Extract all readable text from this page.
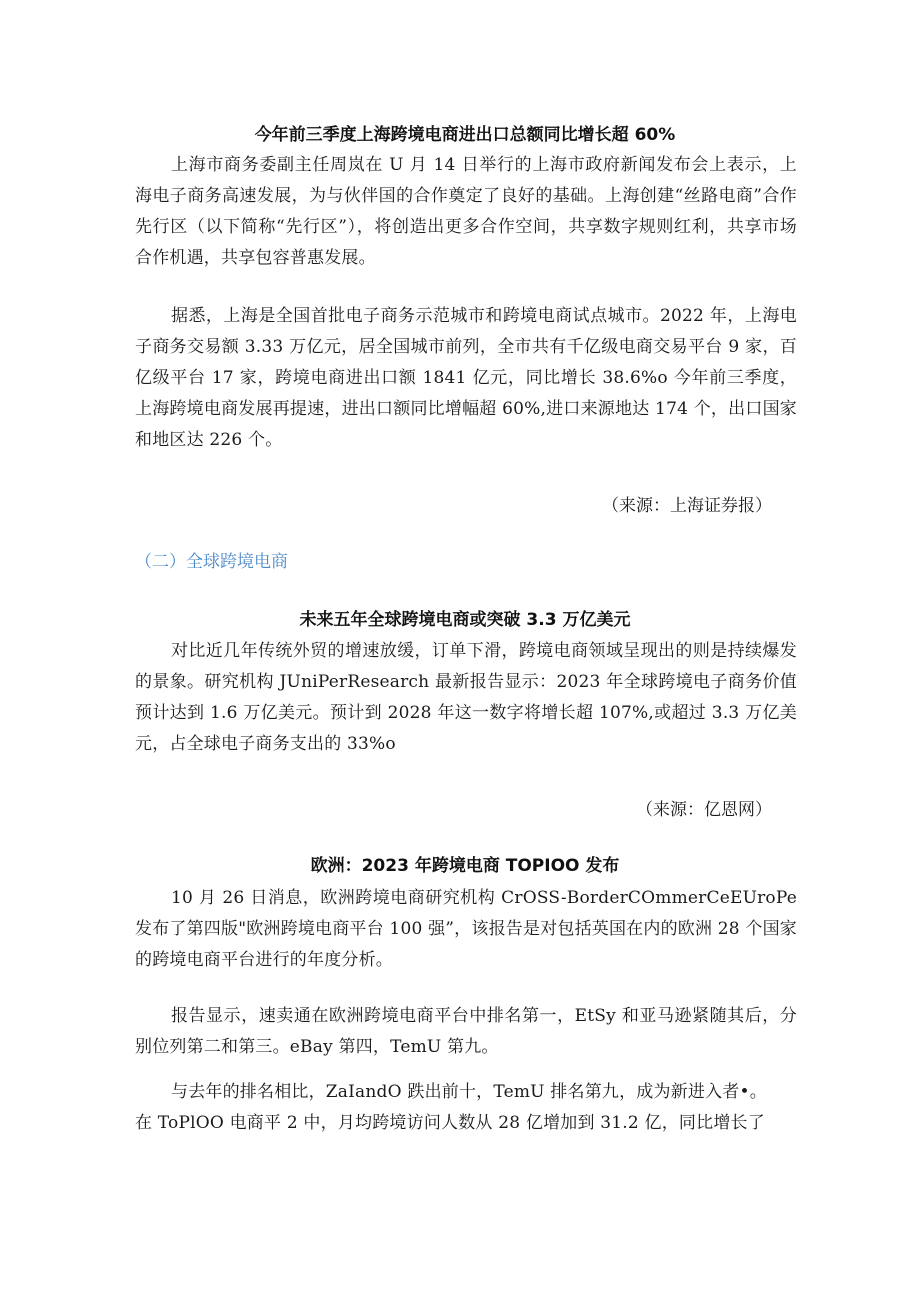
今年前三季度上海跨境电商进出口总额同比增长超 60%

上海市商务委副主任周岚在 U 月 14 日举行的上海市政府新闻发布会上表示，上海电子商务高速发展，为与伙伴国的合作奠定了良好的基础。上海创建“丝路电商”合作先行区（以下简称“先行区”），将创造出更多合作空间，共享数字规则红利，共享市场合作机遇，共享包容普惠发展。

据悉，上海是全国首批电子商务示范城市和跨境电商试点城市。2022 年，上海电子商务交易额 3.33 万亿元，居全国城市前列，全市共有千亿级电商交易平台 9 家，百亿级平台 17 家，跨境电商进出口额 1841 亿元，同比增长 38.6%o 今年前三季度，上海跨境电商发展再提速，进出口额同比增幅超 60%,进口来源地达 174 个，出口国家和地区达 226 个。

（来源：上海证券报）
（二）全球跨境电商
未来五年全球跨境电商或突破 3.3 万亿美元

对比近几年传统外贸的增速放缓，订单下滑，跨境电商领域呈现出的则是持续爆发的景象。研究机构 JUniPerResearch 最新报告显示：2023 年全球跨境电子商务价值预计达到 1.6 万亿美元。预计到 2028 年这一数字将增长超 107%,或超过 3.3 万亿美元，占全球电子商务支出的 33%o

（来源：亿恩网）
欧洲：2023 年跨境电商 TOPIOO 发布

10 月 26 日消息，欧洲跨境电商研究机构 CrOSS-BorderCOmmerCeEUroPe 发布了第四版"欧洲跨境电商平台 100 强”，该报告是对包括英国在内的欧洲 28 个国家的跨境电商平台进行的年度分析。

报告显示，速卖通在欧洲跨境电商平台中排名第一，EtSy 和亚马逊紧随其后，分别位列第二和第三。eBay 第四，TemU 第九。

与去年的排名相比，ZaIandO 跌出前十，TemU 排名第九，成为新进入者•。

在 ToPlOO 电商平 2 中，月均跨境访问人数从 28 亿增加到 31.2 亿，同比增长了
